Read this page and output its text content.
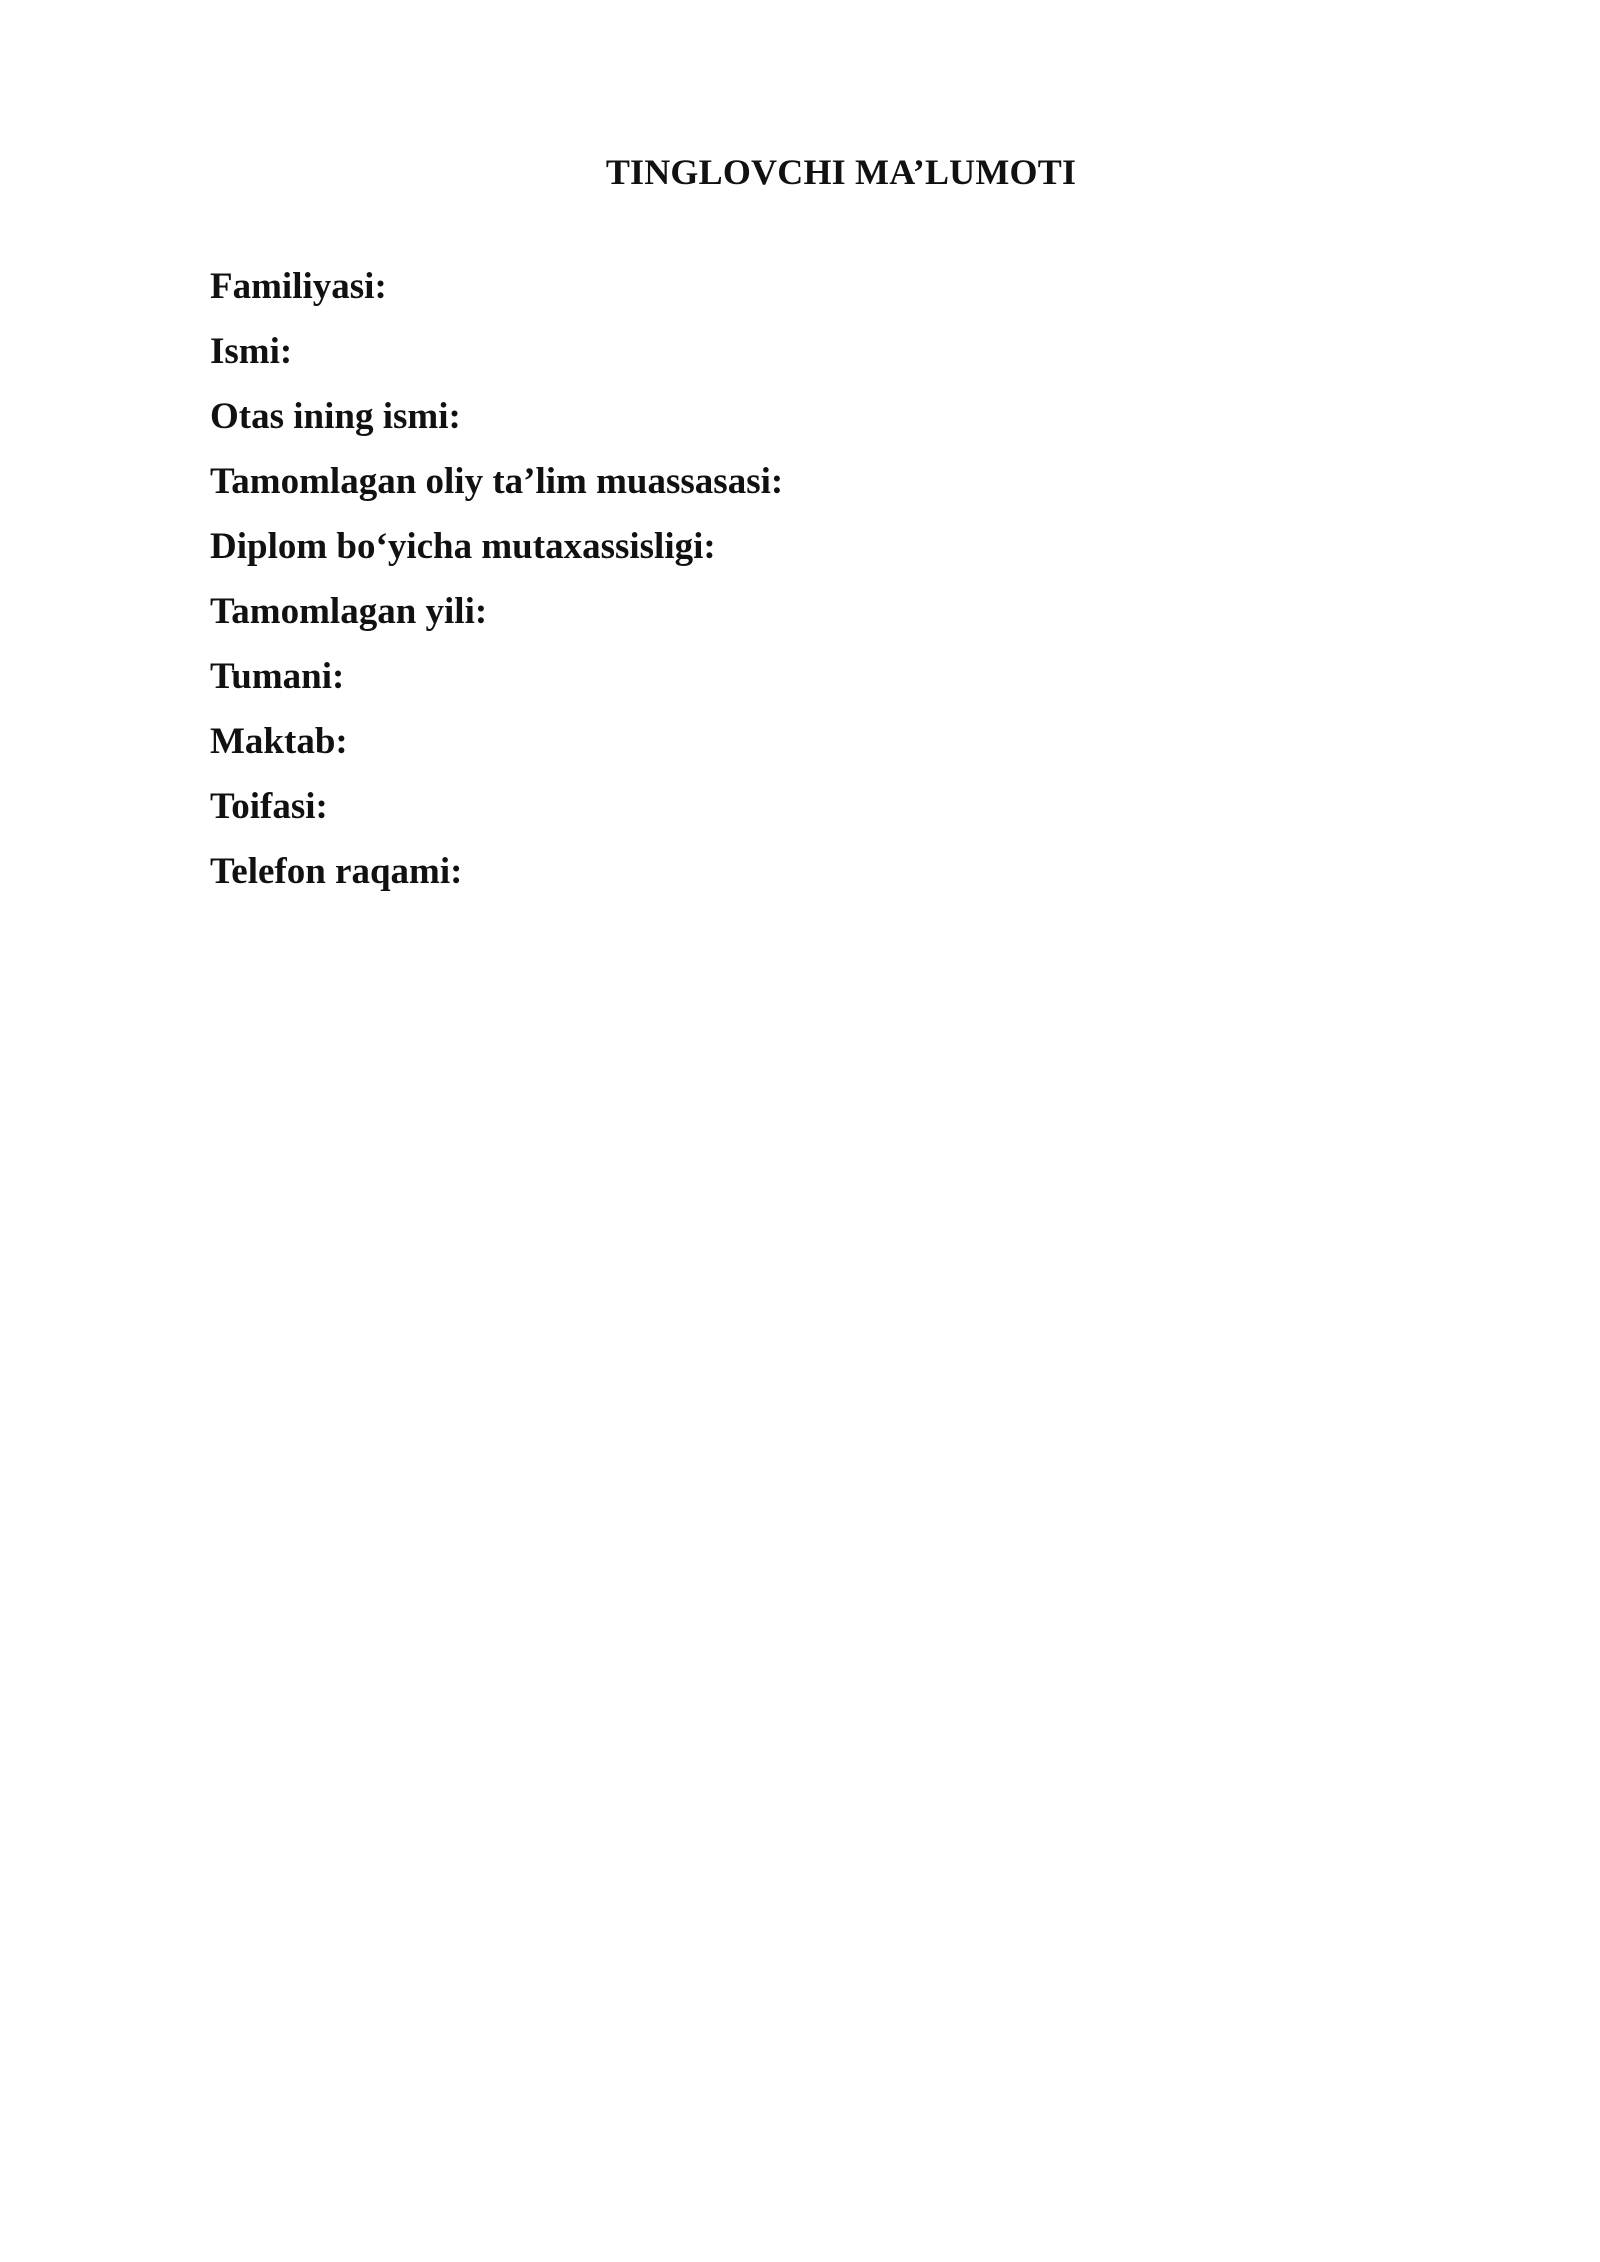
TINGLOVCHI MA’LUMOTI
Familiyasi:
Ismi:
Otas ining ismi:
Tamomlagan oliy ta’lim muassasasi:
Diplom bo‘yicha mutaxassisligi:
Tamomlagan yili:
Tumani:
Maktab:
Toifasi:
Telefon raqami:
